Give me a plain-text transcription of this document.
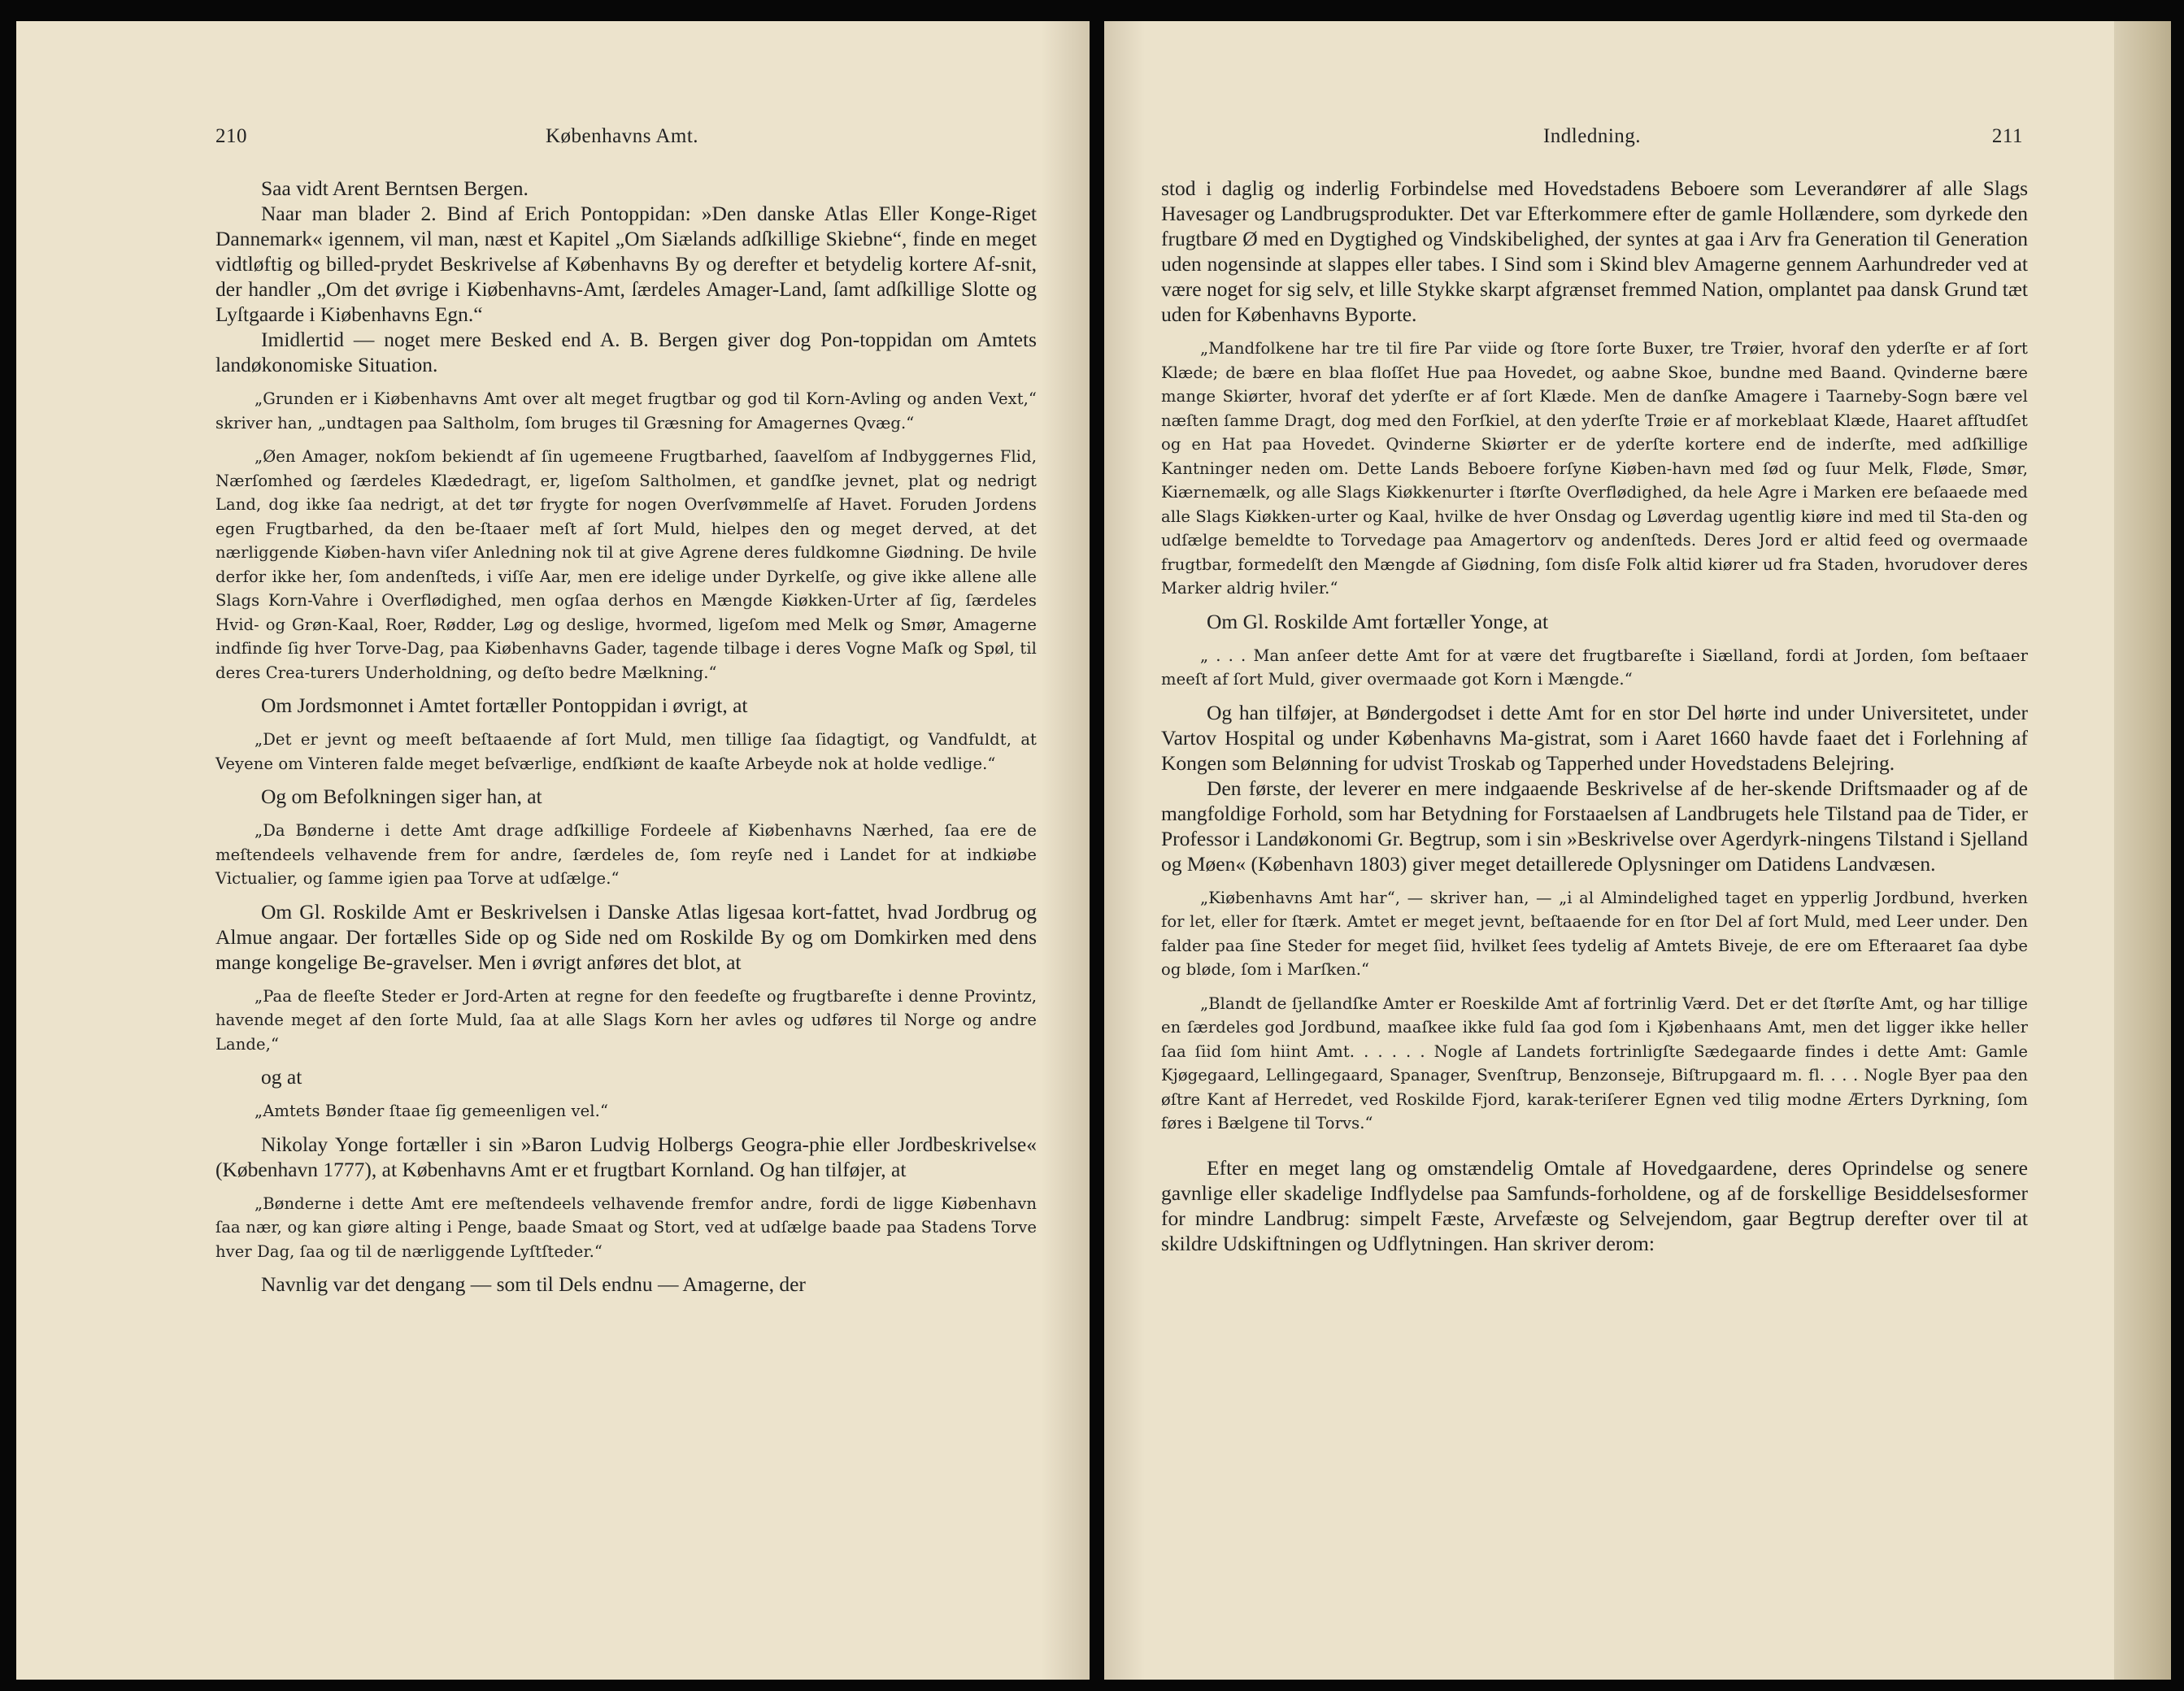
210	Københavns Amt.

Saa vidt Arent Berntsen Bergen.

Naar man blader 2. Bind af Erich Pontoppidan: »Den danske Atlas Eller Konge-Riget Dannemark« igennem, vil man, næst et Kapitel „Om Siælands adſkillige Skiebne“, finde en meget vidtløftig og billed-prydet Beskrivelse af Københavns By og derefter et betydelig kortere Af-snit, der handler „Om det øvrige i Kiøbenhavns-Amt, ſærdeles Amager-Land, ſamt adſkillige Slotte og Lyſtgaarde i Kiøbenhavns Egn.“

Imidlertid — noget mere Besked end A. B. Bergen giver dog Pon-toppidan om Amtets landøkonomiske Situation.

„Grunden er i Kiøbenhavns Amt over alt meget frugtbar og god til Korn-Avling og anden Vext,“ skriver han, „undtagen paa Saltholm, ſom bruges til Græsning for Amagernes Qvæg.“

„Øen Amager, nokſom bekiendt af ſin ugemeene Frugtbarhed, ſaavelſom af Indbyggernes Flid, Nærſomhed og ſærdeles Klædedragt, er, ligeſom Saltholmen, et gandſke jevnet, plat og nedrigt Land, dog ikke ſaa nedrigt, at det tør frygte for nogen Overſvømmelſe af Havet. Foruden Jordens egen Frugtbarhed, da den be-ſtaaer meſt af ſort Muld, hielpes den og meget derved, at det nærliggende Kiøben-havn viſer Anledning nok til at give Agrene deres fuldkomne Giødning. De hvile derfor ikke her, ſom andenſteds, i viſſe Aar, men ere idelige under Dyrkelſe, og give ikke allene alle Slags Korn-Vahre i Overflødighed, men ogſaa derhos en Mængde Kiøkken-Urter af ſig, ſærdeles Hvid- og Grøn-Kaal, Roer, Rødder, Løg og deslige, hvormed, ligeſom med Melk og Smør, Amagerne indfinde ſig hver Torve-Dag, paa Kiøbenhavns Gader, tagende tilbage i deres Vogne Maſk og Spøl, til deres Crea-turers Underholdning, og deſto bedre Mælkning.“

Om Jordsmonnet i Amtet fortæller Pontoppidan i øvrigt, at

„Det er jevnt og meeſt beſtaaende af ſort Muld, men tillige ſaa ſidagtigt, og Vandfuldt, at Veyene om Vinteren falde meget beſværlige, endſkiønt de kaaſte Arbeyde nok at holde vedlige.“

Og om Befolkningen siger han, at

„Da Bønderne i dette Amt drage adſkillige Fordeele af Kiøbenhavns Nærhed, ſaa ere de meſtendeels velhavende frem for andre, ſærdeles de, ſom reyſe ned i Landet for at indkiøbe Victualier, og ſamme igien paa Torve at udſælge.“

Om Gl. Roskilde Amt er Beskrivelsen i Danske Atlas ligesaa kort-fattet, hvad Jordbrug og Almue angaar. Der fortælles Side op og Side ned om Roskilde By og om Domkirken med dens mange kongelige Be-gravelser. Men i øvrigt anføres det blot, at

„Paa de fleeſte Steder er Jord-Arten at regne for den feedeſte og frugtbareſte i denne Provintz, havende meget af den ſorte Muld, ſaa at alle Slags Korn her avles og udføres til Norge og andre Lande,“

og at

„Amtets Bønder ſtaae ſig gemeenligen vel.“

Nikolay Yonge fortæller i sin »Baron Ludvig Holbergs Geogra-phie eller Jordbeskrivelse« (København 1777), at Københavns Amt er et frugtbart Kornland. Og han tilføjer, at

„Bønderne i dette Amt ere meſtendeels velhavende fremfor andre, fordi de ligge Kiøbenhavn ſaa nær, og kan giøre alting i Penge, baade Smaat og Stort, ved at udſælge baade paa Stadens Torve hver Dag, ſaa og til de nærliggende Lyſtſteder.“

Navnlig var det dengang — som til Dels endnu — Amagerne, der

Indledning.	211

stod i daglig og inderlig Forbindelse med Hovedstadens Beboere som Leverandører af alle Slags Havesager og Landbrugsprodukter. Det var Efterkommere efter de gamle Hollændere, som dyrkede den frugtbare Ø med en Dygtighed og Vindskibelighed, der syntes at gaa i Arv fra Generation til Generation uden nogensinde at slappes eller tabes. I Sind som i Skind blev Amagerne gennem Aarhundreder ved at være noget for sig selv, et lille Stykke skarpt afgrænset fremmed Nation, omplantet paa dansk Grund tæt uden for Københavns Byporte.

„Mandfolkene har tre til fire Par viide og ſtore ſorte Buxer, tre Trøier, hvoraf den yderſte er af ſort Klæde; de bære en blaa floſſet Hue paa Hovedet, og aabne Skoe, bundne med Baand. Qvinderne bære mange Skiørter, hvoraf det yderſte er af ſort Klæde. Men de danſke Amagere i Taarneby-Sogn bære vel næſten ſamme Dragt, dog med den Forſkiel, at den yderſte Trøie er af morkeblaat Klæde, Haaret afſtudſet og en Hat paa Hovedet. Qvinderne Skiørter er de yderſte kortere end de inderſte, med adſkillige Kantninger neden om. Dette Lands Beboere forſyne Kiøben-havn med ſød og ſuur Melk, Fløde, Smør, Kiærnemælk, og alle Slags Kiøkkenurter i ſtørſte Overflødighed, da hele Agre i Marken ere beſaaede med alle Slags Kiøkken-urter og Kaal, hvilke de hver Onsdag og Løverdag ugentlig kiøre ind med til Sta-den og udſælge bemeldte to Torvedage paa Amagertorv og andenſteds. Deres Jord er altid feed og overmaade frugtbar, formedelſt den Mængde af Giødning, ſom disſe Folk altid kiører ud fra Staden, hvorudover deres Marker aldrig hviler.“

Om Gl. Roskilde Amt fortæller Yonge, at

„ . . . Man anſeer dette Amt for at være det frugtbareſte i Siælland, fordi at Jorden, ſom beſtaaer meeſt af ſort Muld, giver overmaade got Korn i Mængde.“

Og han tilføjer, at Bøndergodset i dette Amt for en stor Del hørte ind under Universitetet, under Vartov Hospital og under Københavns Ma-gistrat, som i Aaret 1660 havde faaet det i Forlehning af Kongen som Belønning for udvist Troskab og Tapperhed under Hovedstadens Belejring.

Den første, der leverer en mere indgaaende Beskrivelse af de her-skende Driftsmaader og af de mangfoldige Forhold, som har Betydning for Forstaaelsen af Landbrugets hele Tilstand paa de Tider, er Professor i Landøkonomi Gr. Begtrup, som i sin »Beskrivelse over Agerdyrk-ningens Tilstand i Sjelland og Møen« (København 1803) giver meget detaillerede Oplysninger om Datidens Landvæsen.

„Kiøbenhavns Amt har“, — skriver han, — „i al Almindelighed taget en ypperlig Jordbund, hverken for let, eller for ſtærk. Amtet er meget jevnt, beſtaaende for en ſtor Del af ſort Muld, med Leer under. Den falder paa ſine Steder for meget ſiid, hvilket ſees tydelig af Amtets Biveje, de ere om Efteraaret ſaa dybe og bløde, ſom i Marſken.“

„Blandt de ſjellandſke Amter er Roeskilde Amt af fortrinlig Værd. Det er det ſtørſte Amt, og har tillige en ſærdeles god Jordbund, maaſkee ikke fuld ſaa god ſom i Kjøbenhaans Amt, men det ligger ikke heller ſaa ſiid ſom hiint Amt. . . . . . Nogle af Landets fortrinligſte Sædegaarde findes i dette Amt: Gamle Kjøgegaard, Lellingegaard, Spanager, Svenſtrup, Benzonseje, Biſtrupgaard m. fl. . . . Nogle Byer paa den øſtre Kant af Herredet, ved Roskilde Fjord, karak-teriſerer Egnen ved tilig modne Ærters Dyrkning, ſom føres i Bælgene til Torvs.“

Efter en meget lang og omstændelig Omtale af Hovedgaardene, deres Oprindelse og senere gavnlige eller skadelige Indflydelse paa Samfunds-forholdene, og af de forskellige Besiddelsesformer for mindre Landbrug: simpelt Fæste, Arvefæste og Selvejendom, gaar Begtrup derefter over til at skildre Udskiftningen og Udflytningen. Han skriver derom:
